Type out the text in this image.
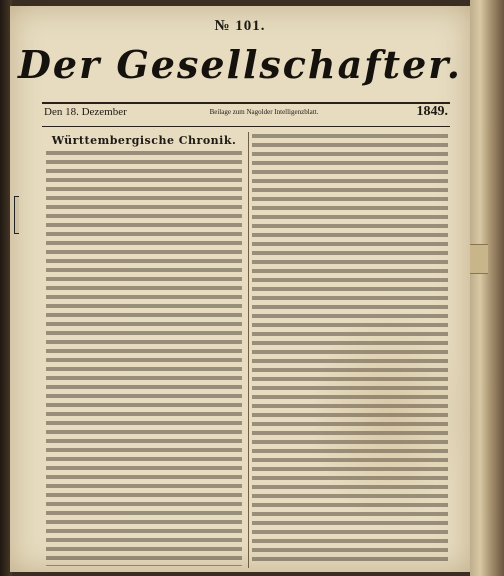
№ 101.
Der Gesellschafter.
Den 18. Dezember	Beilage zum Nagolder Intelligenzblatt.	1849.
Württembergische Chronik.
